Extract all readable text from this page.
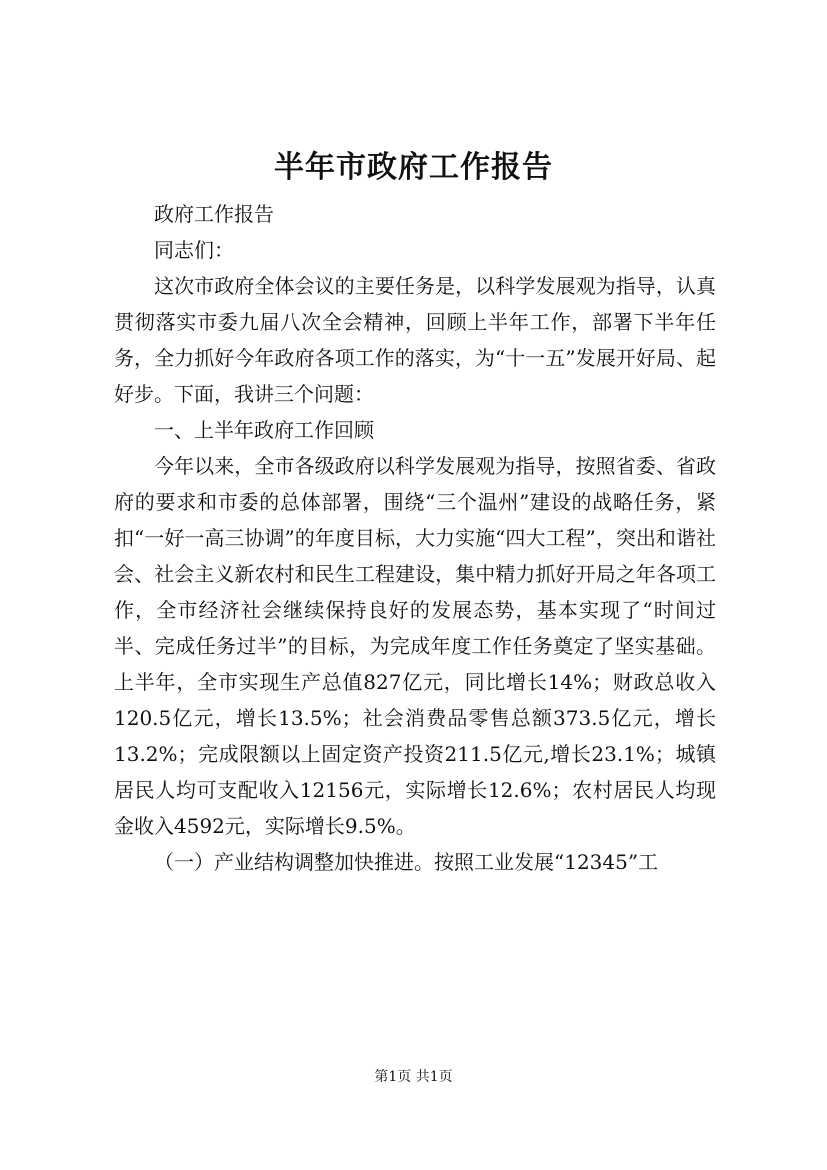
半年市政府工作报告

政府工作报告

同志们：

这次市政府全体会议的主要任务是，以科学发展观为指导，认真贯彻落实市委九届八次全会精神，回顾上半年工作，部署下半年任务，全力抓好今年政府各项工作的落实，为“十一五”发展开好局、起好步。下面，我讲三个问题：

一、上半年政府工作回顾

今年以来，全市各级政府以科学发展观为指导，按照省委、省政府的要求和市委的总体部署，围绕“三个温州”建设的战略任务，紧扣“一好一高三协调”的年度目标，大力实施“四大工程”，突出和谐社会、社会主义新农村和民生工程建设，集中精力抓好开局之年各项工作，全市经济社会继续保持良好的发展态势，基本实现了“时间过半、完成任务过半”的目标，为完成年度工作任务奠定了坚实基础。上半年，全市实现生产总值827亿元，同比增长14%；财政总收入120.5亿元，增长13.5%；社会消费品零售总额373.5亿元，增长13.2%；完成限额以上固定资产投资211.5亿元,增长23.1%；城镇居民人均可支配收入12156元，实际增长12.6%；农村居民人均现金收入4592元，实际增长9.5%。

（一）产业结构调整加快推进。按照工业发展“12345”工

第1页 共1页
